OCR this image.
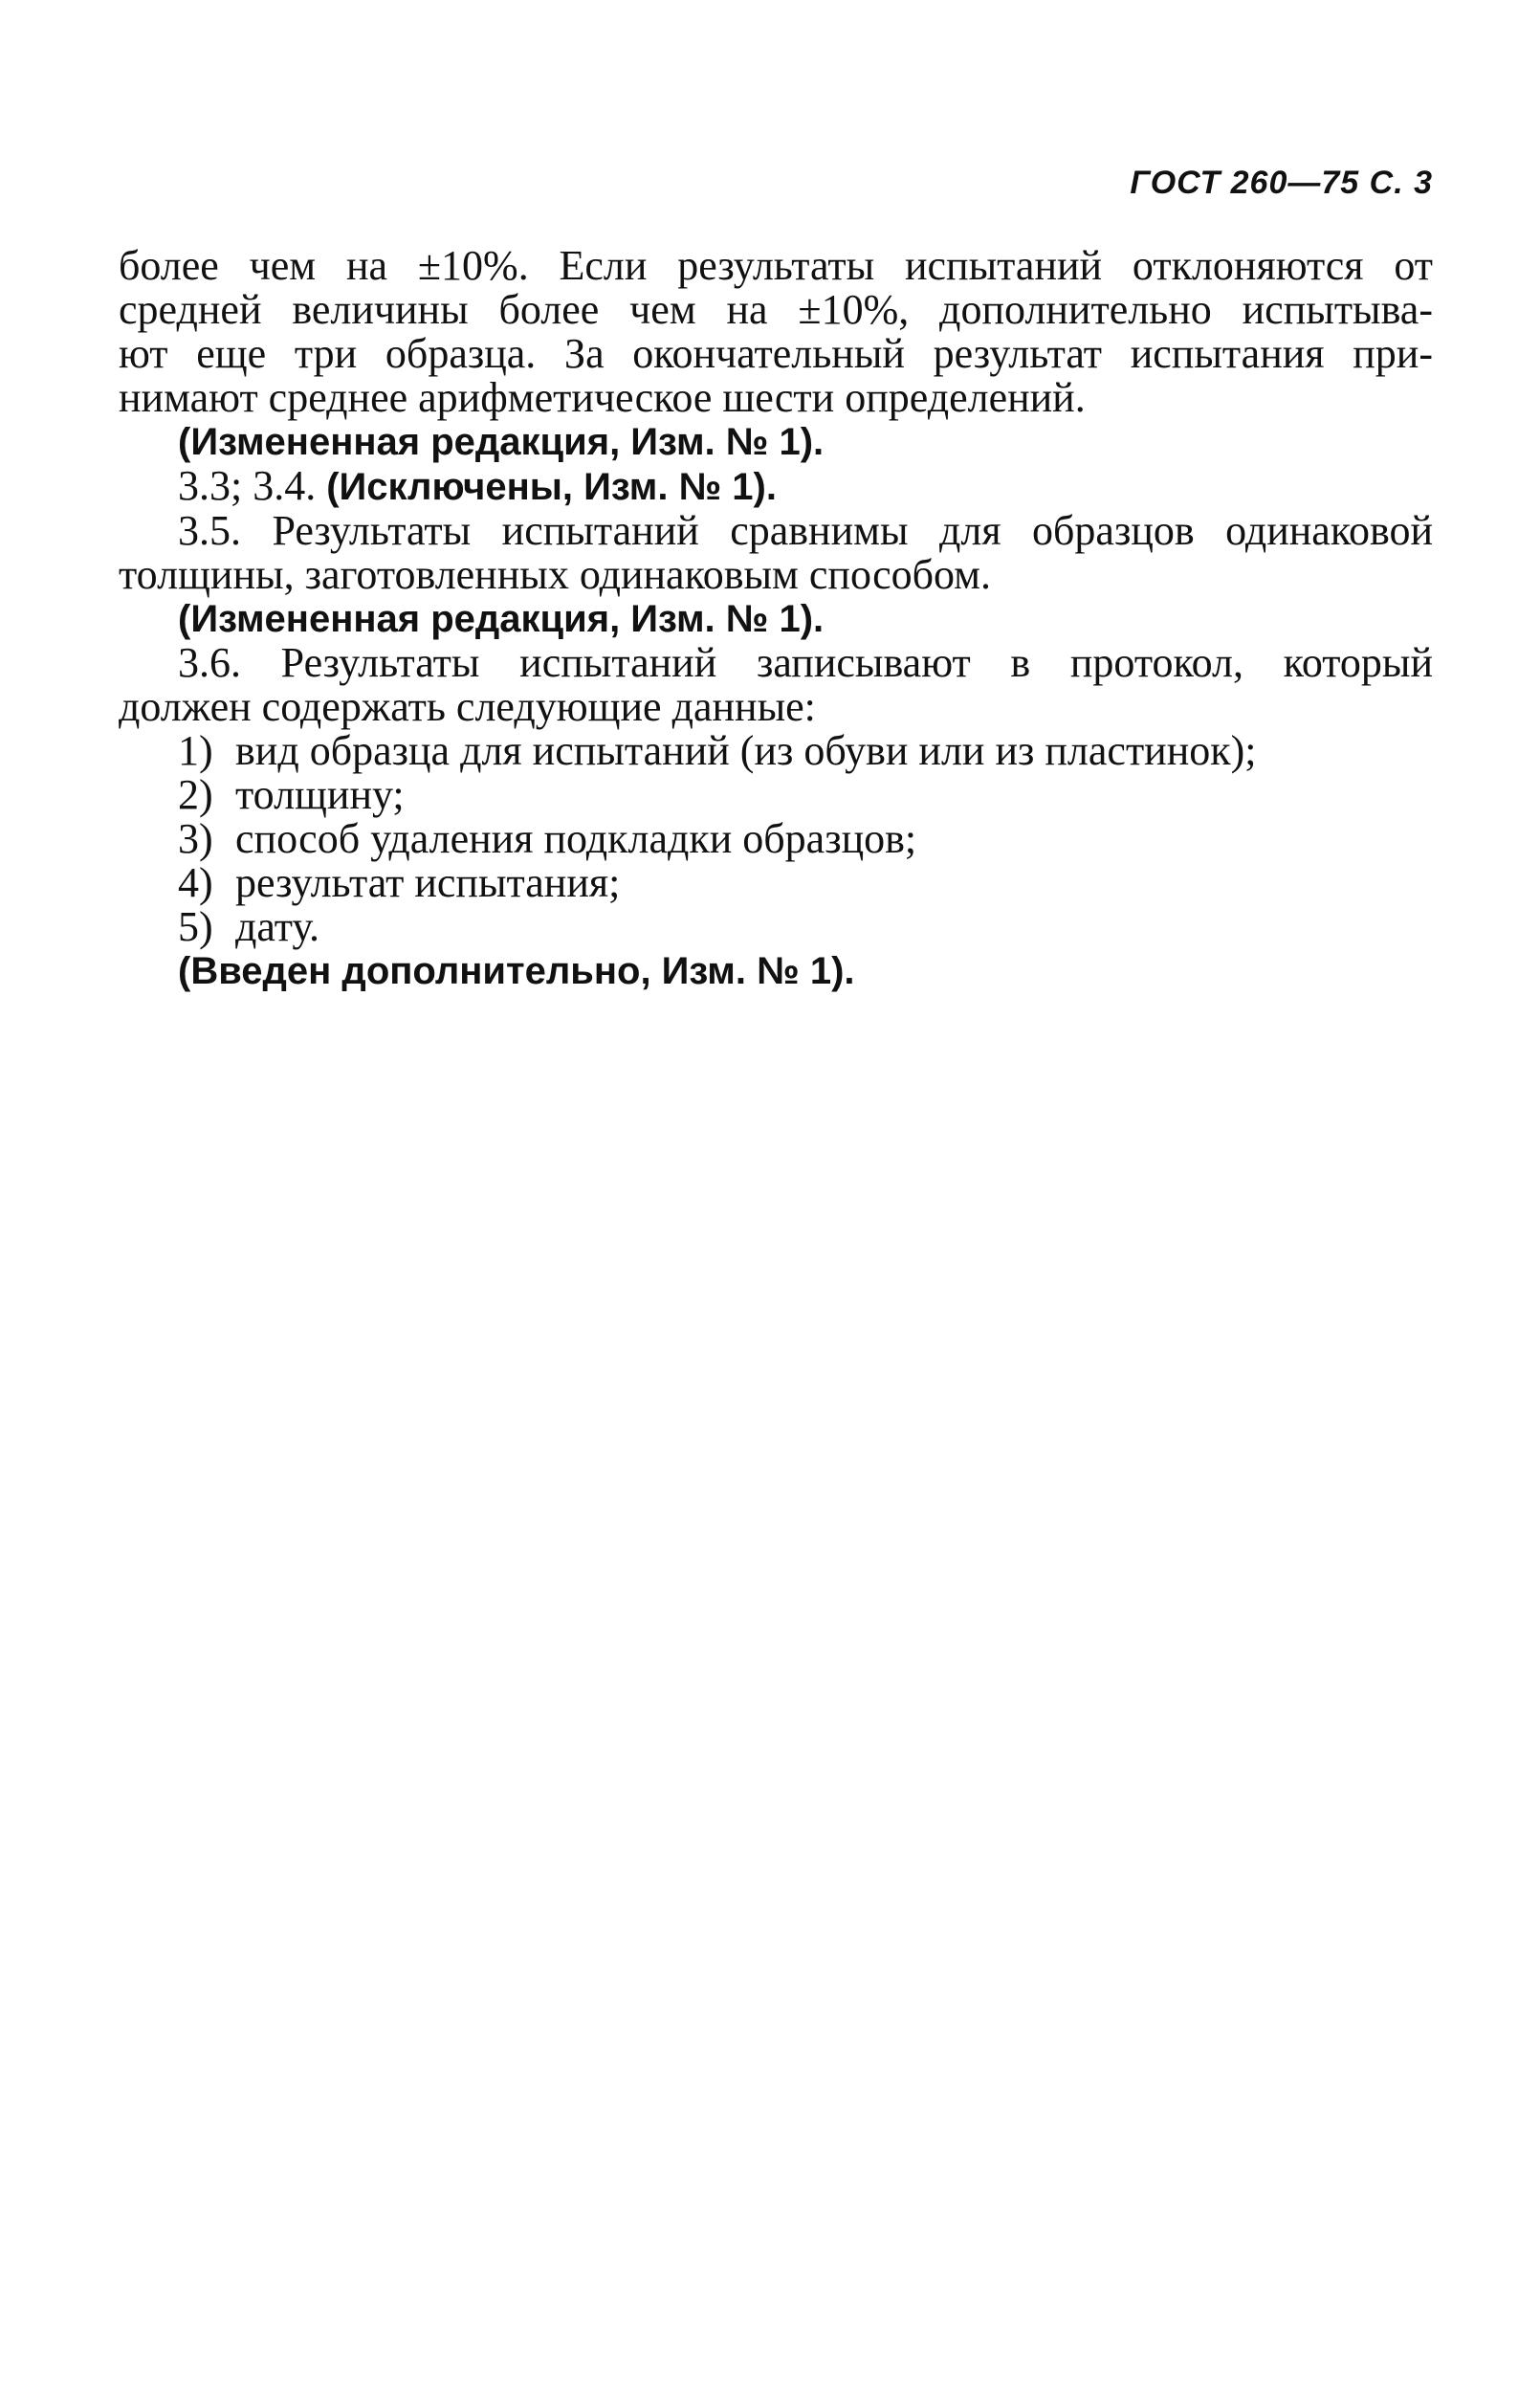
ГОСТ 260—75 С. 3
более чем на ±10%. Если результаты испытаний отклоняются от
средней величины более чем на ±10%, дополнительно испытыва-
ют еще три образца. За окончательный результат испытания при-
нимают среднее арифметическое шести определений.
(Измененная редакция, Изм. № 1).
3.3; 3.4. (Исключены, Изм. № 1).
3.5. Результаты испытаний сравнимы для образцов одинаковой
толщины, заготовленных одинаковым способом.
(Измененная редакция, Изм. № 1).
3.6. Результаты испытаний записывают в протокол, который
должен содержать следующие данные:
1) вид образца для испытаний (из обуви или из пластинок);
2) толщину;
3) способ удаления подкладки образцов;
4) результат испытания;
5) дату.
(Введен дополнительно, Изм. № 1).
